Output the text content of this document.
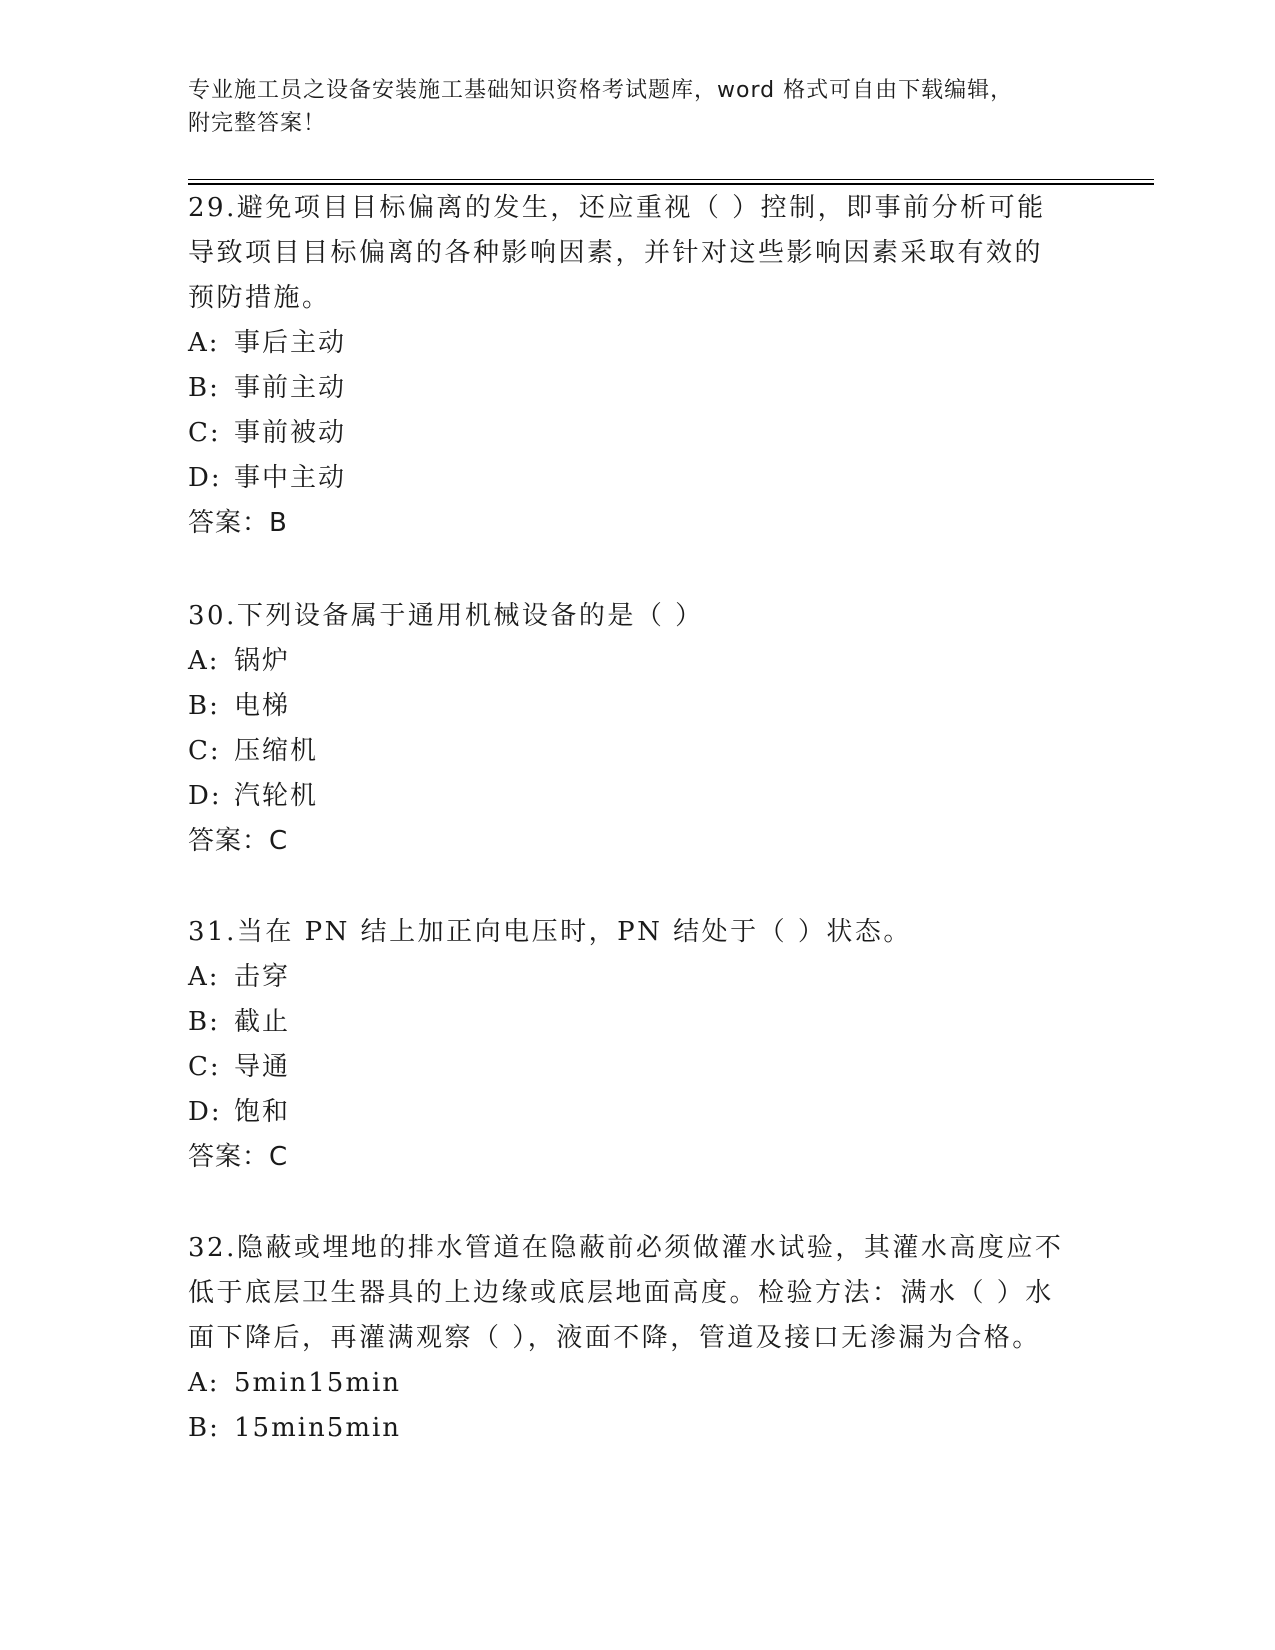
专业施工员之设备安装施工基础知识资格考试题库，word 格式可自由下载编辑，
附完整答案！

29.避免项目目标偏离的发生，还应重视（ ）控制，即事前分析可能导致项目目标偏离的各种影响因素，并针对这些影响因素采取有效的预防措施。

A: 事后主动
B: 事前主动
C: 事前被动
D: 事中主动

答案：B

30.下列设备属于通用机械设备的是（ ）

A: 锅炉
B: 电梯
C: 压缩机
D: 汽轮机

答案：C

31.当在 PN 结上加正向电压时，PN 结处于（ ）状态。

A: 击穿
B: 截止
C: 导通
D: 饱和

答案：C

32.隐蔽或埋地的排水管道在隐蔽前必须做灌水试验，其灌水高度应不低于底层卫生器具的上边缘或底层地面高度。检验方法：满水（ ）水面下降后，再灌满观察（ ），液面不降，管道及接口无渗漏为合格。

A: 5min15min
B: 15min5min
